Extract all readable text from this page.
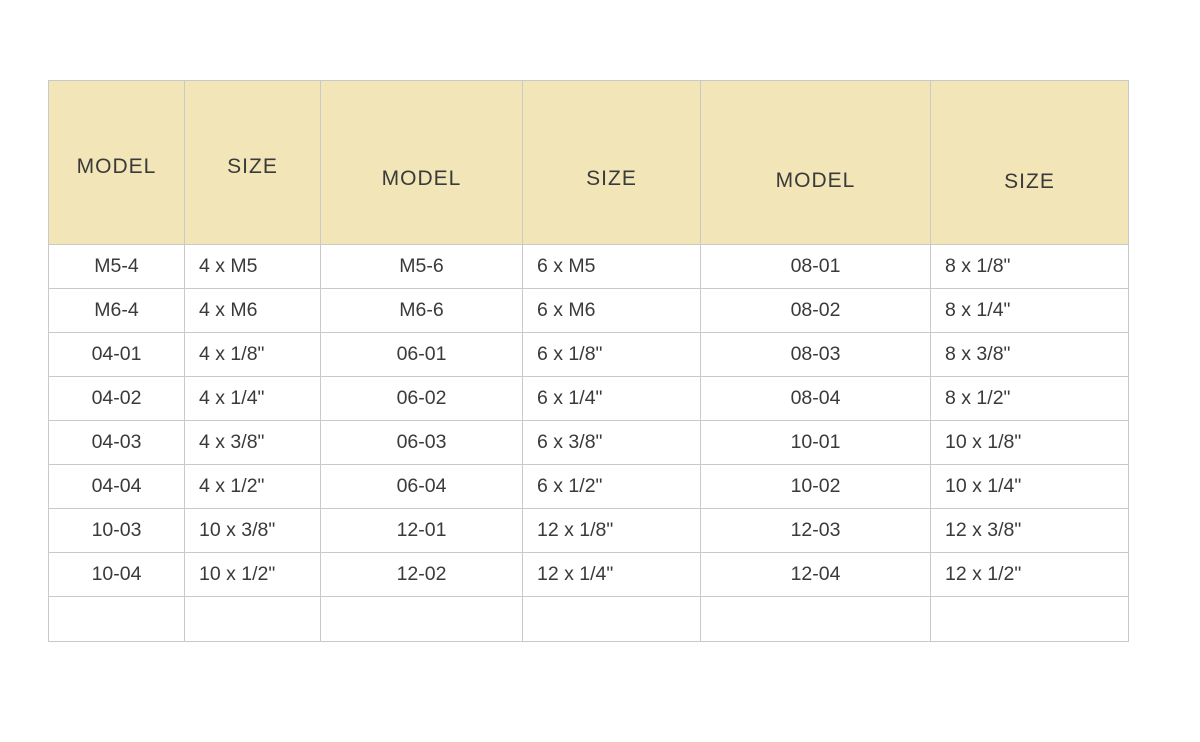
MODEL	SIZE	MODEL	SIZE	MODEL	SIZE

M5-4	4 x M5	M5-6	6 x M5	08-01	8 x 1/8"

M6-4	4 x M6	M6-6	6 x M6	08-02	8 x 1/4"

04-01	4 x 1/8"	06-01	6 x 1/8"	08-03	8 x 3/8"

04-02	4 x 1/4"	06-02	6 x 1/4"	08-04	8 x 1/2"

04-03	4 x 3/8"	06-03	6 x 3/8"	10-01	10 x 1/8"

04-04	4 x 1/2"	06-04	6 x 1/2"	10-02	10 x 1/4"

10-03	10 x 3/8"	12-01	12 x 1/8"	12-03	12 x 3/8"

10-04	10 x 1/2"	12-02	12 x 1/4"	12-04	12 x 1/2"
